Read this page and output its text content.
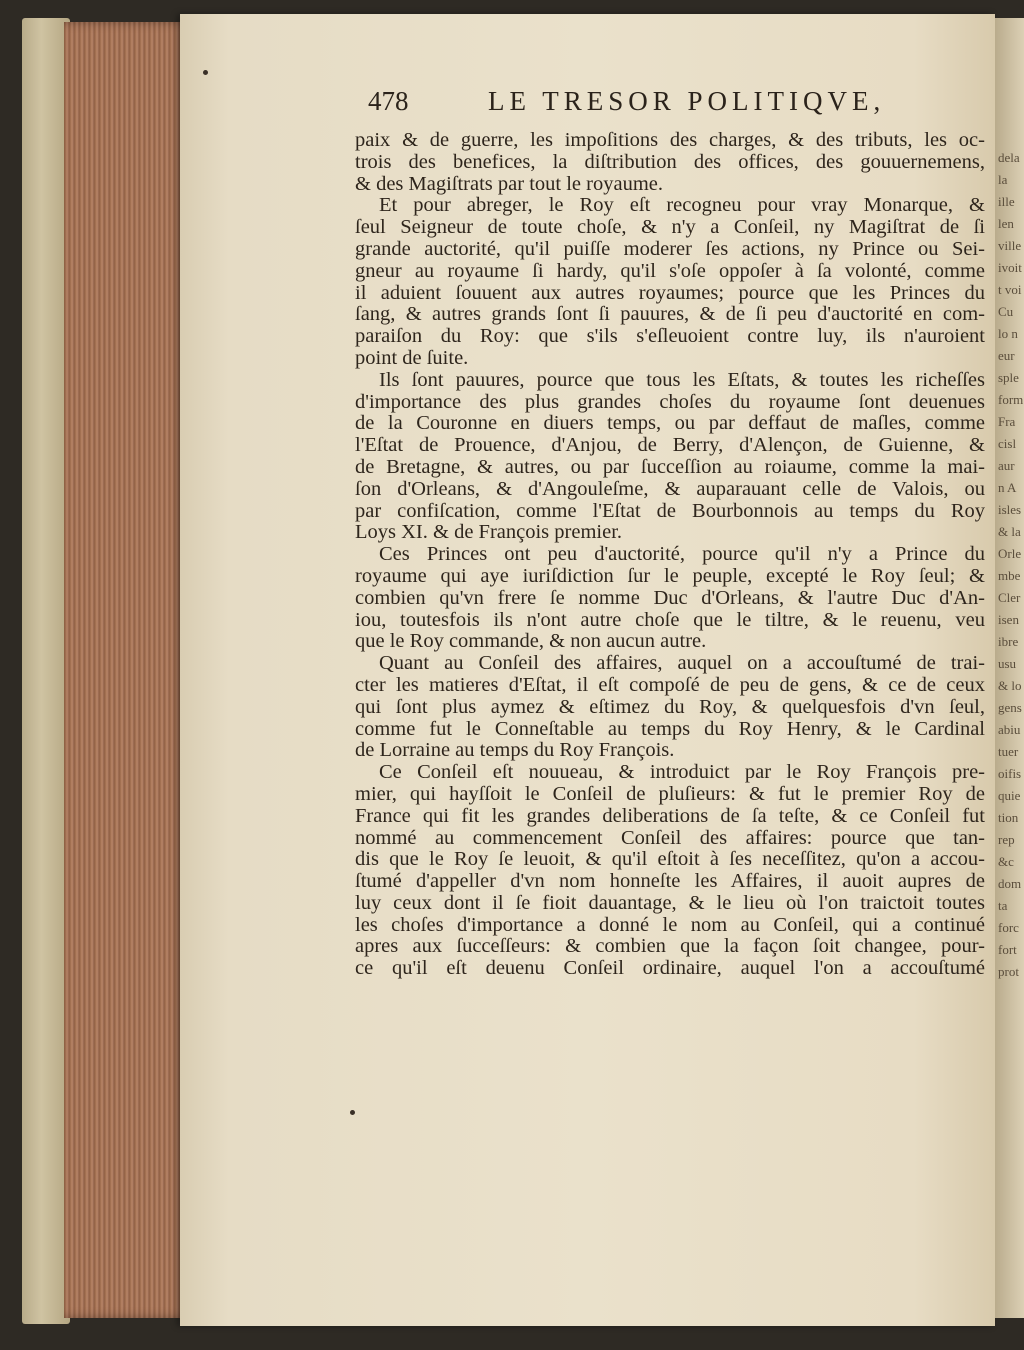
dela
la
ille
len
ville
ivoit
t voi
Cu
lo n
eur
sple
form
Fra
cisl
aur
n A
isles
& la
Orle
mbe
Cler
isen
ibre
usu
& lo
gens
abiu
tuer
oifis
quie
tion
rep
&c
dom
ta
forc
fort
prot
478	LE TRESOR POLITIQVE,
paix & de guerre, les impoſitions des charges, & des tributs, les oc-
trois des benefices, la diſtribution des offices, des gouuernemens,
& des Magiſtrats par tout le royaume.
Et pour abreger, le Roy eſt recogneu pour vray Monarque, &
ſeul Seigneur de toute choſe, & n'y a Conſeil, ny Magiſtrat de ſi
grande auctorité, qu'il puiſſe moderer ſes actions, ny Prince ou Sei-
gneur au royaume ſi hardy, qu'il s'oſe oppoſer à ſa volonté, comme
il aduient ſouuent aux autres royaumes; pource que les Princes du
ſang, & autres grands ſont ſi pauures, & de ſi peu d'auctorité en com-
paraiſon du Roy: que s'ils s'eſleuoient contre luy, ils n'auroient
point de ſuite.
Ils ſont pauures, pource que tous les Eſtats, & toutes les richeſſes
d'importance des plus grandes choſes du royaume ſont deuenues
de la Couronne en diuers temps, ou par deffaut de maſles, comme
l'Eſtat de Prouence, d'Anjou, de Berry, d'Alençon, de Guienne, &
de Bretagne, & autres, ou par ſucceſſion au roiaume, comme la mai-
ſon d'Orleans, & d'Angouleſme, & auparauant celle de Valois, ou
par confiſcation, comme l'Eſtat de Bourbonnois au temps du Roy
Loys XI. & de François premier.
Ces Princes ont peu d'auctorité, pource qu'il n'y a Prince du
royaume qui aye iuriſdiction ſur le peuple, excepté le Roy ſeul; &
combien qu'vn frere ſe nomme Duc d'Orleans, & l'autre Duc d'An-
iou, toutesfois ils n'ont autre choſe que le tiltre, & le reuenu, veu
que le Roy commande, & non aucun autre.
Quant au Conſeil des affaires, auquel on a accouſtumé de trai-
cter les matieres d'Eſtat, il eſt compoſé de peu de gens, & ce de ceux
qui ſont plus aymez & eſtimez du Roy, & quelquesfois d'vn ſeul,
comme fut le Conneſtable au temps du Roy Henry, & le Cardinal
de Lorraine au temps du Roy François.
Ce Conſeil eſt nouueau, & introduict par le Roy François pre-
mier, qui hayſſoit le Conſeil de pluſieurs: & fut le premier Roy de
France qui fit les grandes deliberations de ſa teſte, & ce Conſeil fut
nommé au commencement Conſeil des affaires: pource que tan-
dis que le Roy ſe leuoit, & qu'il eſtoit à ſes neceſſitez, qu'on a accou-
ſtumé d'appeller d'vn nom honneſte les Affaires, il auoit aupres de
luy ceux dont il ſe fioit dauantage, & le lieu où l'on traictoit toutes
les choſes d'importance a donné le nom au Conſeil, qui a continué
apres aux ſucceſſeurs: & combien que la façon ſoit changee, pour-
ce qu'il eſt deuenu Conſeil ordinaire, auquel l'on a accouſtumé
